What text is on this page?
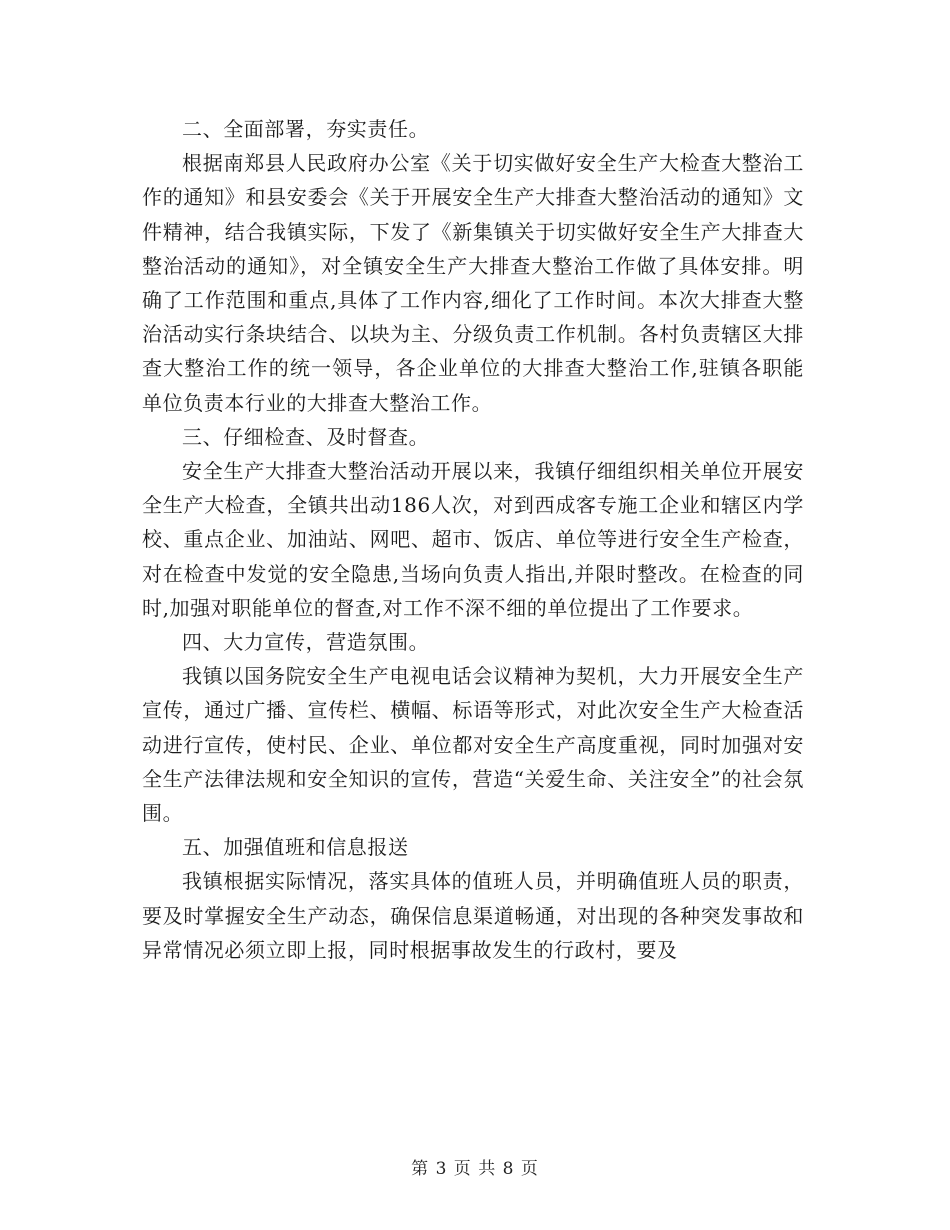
二、全面部署，夯实责任。

根据南郑县人民政府办公室《关于切实做好安全生产大检查大整治工作的通知》和县安委会《关于开展安全生产大排查大整治活动的通知》文件精神，结合我镇实际，下发了《新集镇关于切实做好安全生产大排查大整治活动的通知》，对全镇安全生产大排查大整治工作做了具体安排。明确了工作范围和重点,具体了工作内容,细化了工作时间。本次大排查大整治活动实行条块结合、以块为主、分级负责工作机制。各村负责辖区大排查大整治工作的统一领导，各企业单位的大排查大整治工作,驻镇各职能单位负责本行业的大排查大整治工作。

三、仔细检查、及时督查。

安全生产大排查大整治活动开展以来，我镇仔细组织相关单位开展安全生产大检查，全镇共出动186人次，对到西成客专施工企业和辖区内学校、重点企业、加油站、网吧、超市、饭店、单位等进行安全生产检查，对在检查中发觉的安全隐患,当场向负责人指出,并限时整改。在检查的同时,加强对职能单位的督查,对工作不深不细的单位提出了工作要求。

四、大力宣传，营造氛围。

我镇以国务院安全生产电视电话会议精神为契机，大力开展安全生产宣传，通过广播、宣传栏、横幅、标语等形式，对此次安全生产大检查活动进行宣传，使村民、企业、单位都对安全生产高度重视，同时加强对安全生产法律法规和安全知识的宣传，营造“关爱生命、关注安全”的社会氛围。

五、加强值班和信息报送

我镇根据实际情况，落实具体的值班人员，并明确值班人员的职责，要及时掌握安全生产动态，确保信息渠道畅通，对出现的各种突发事故和异常情况必须立即上报，同时根据事故发生的行政村，要及

第 3 页 共 8 页
